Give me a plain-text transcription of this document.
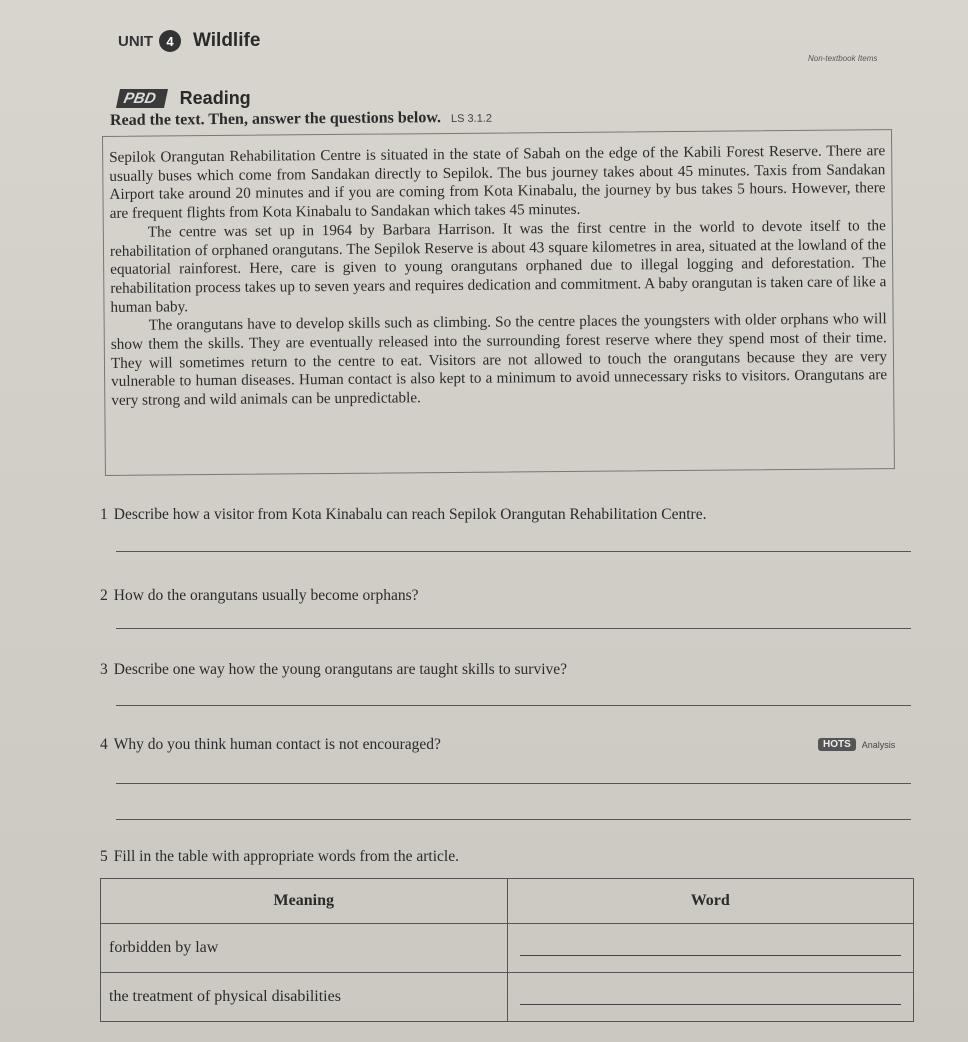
UNIT	4	Wildlife
Non-textbook Items
PBD	Reading
Read the text. Then, answer the questions below. LS 3.1.2

Sepilok Orangutan Rehabilitation Centre is situated in the state of Sabah on the edge of the Kabili Forest Reserve. There are usually buses which come from Sandakan directly to Sepilok. The bus journey takes about 45 minutes. Taxis from Sandakan Airport take around 20 minutes and if you are coming from Kota Kinabalu, the journey by bus takes 5 hours. However, there are frequent flights from Kota Kinabalu to Sandakan which takes 45 minutes.

The centre was set up in 1964 by Barbara Harrison. It was the first centre in the world to devote itself to the rehabilitation of orphaned orangutans. The Sepilok Reserve is about 43 square kilometres in area, situated at the lowland of the equatorial rainforest. Here, care is given to young orangutans orphaned due to illegal logging and deforestation. The rehabilitation process takes up to seven years and requires dedication and commitment. A baby orangutan is taken care of like a human baby.

The orangutans have to develop skills such as climbing. So the centre places the youngsters with older orphans who will show them the skills. They are eventually released into the surrounding forest reserve where they spend most of their time. They will sometimes return to the centre to eat. Visitors are not allowed to touch the orangutans because they are very vulnerable to human diseases. Human contact is also kept to a minimum to avoid unnecessary risks to visitors. Orangutans are very strong and wild animals can be unpredictable.

1 Describe how a visitor from Kota Kinabalu can reach Sepilok Orangutan Rehabilitation Centre.
2 How do the orangutans usually become orphans?
3 Describe one way how the young orangutans are taught skills to survive?
4 Why do you think human contact is not encouraged?	HOTS	Analysis
5 Fill in the table with appropriate words from the article.
Meaning	Word
forbidden by law	

the treatment of physical disabilities	
